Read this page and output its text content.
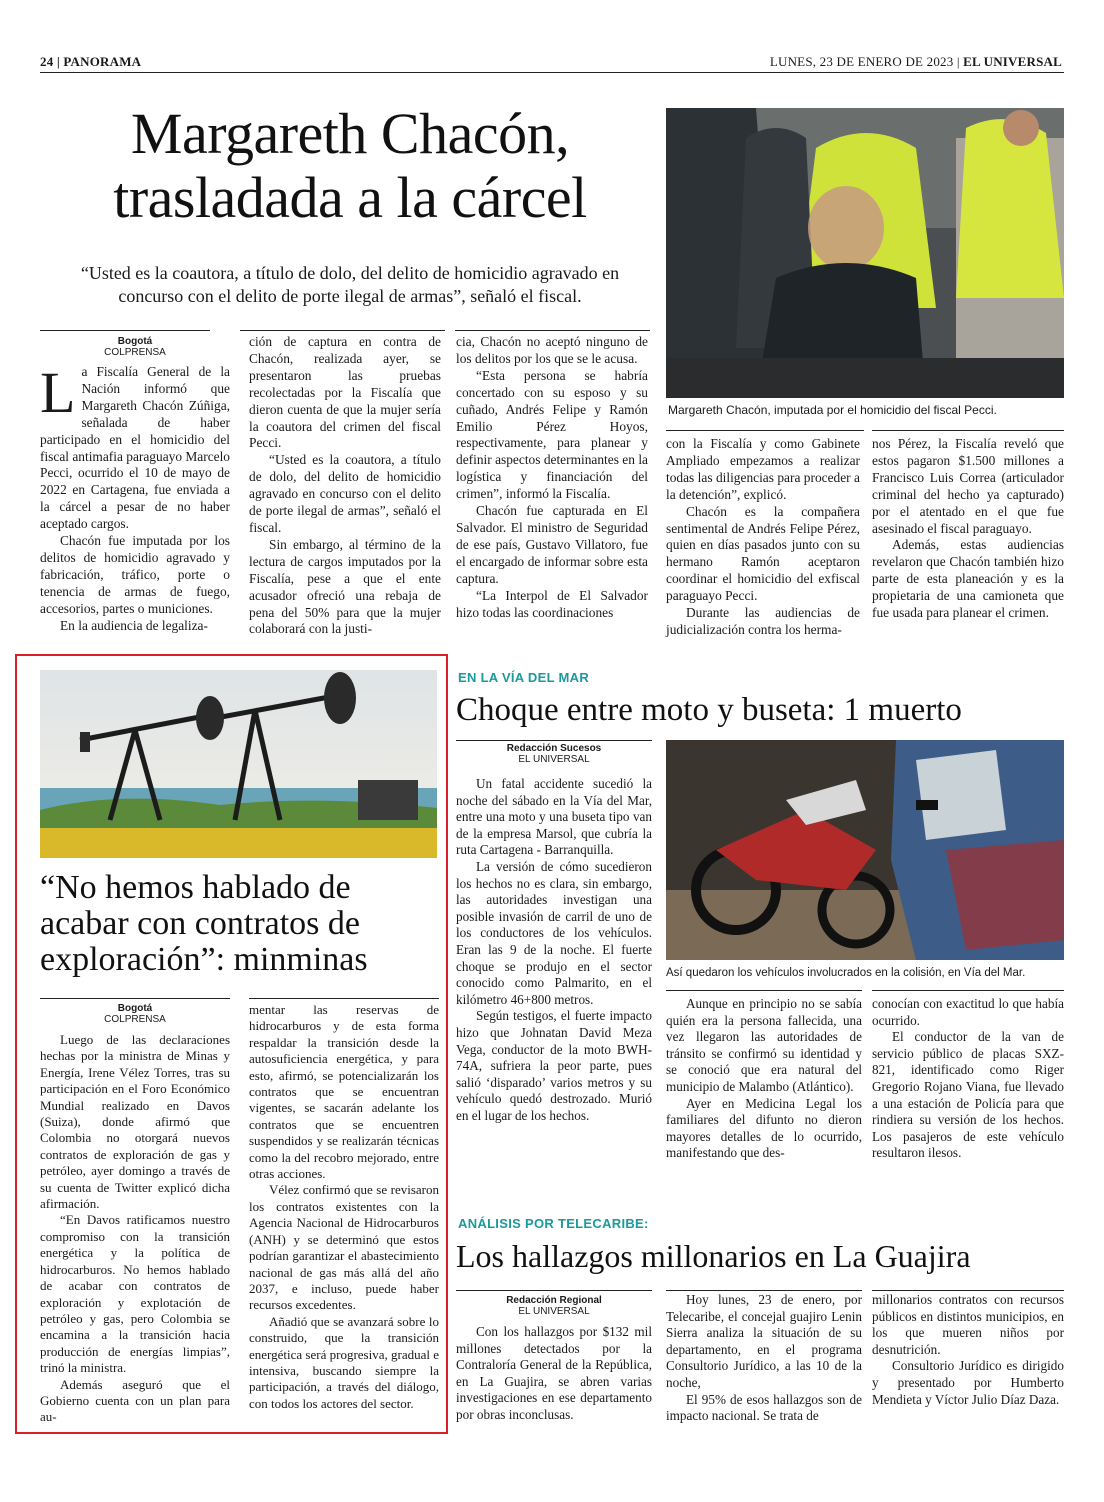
24 | PANORAMA	LUNES, 23 DE ENERO DE 2023 | EL UNIVERSAL
Margareth Chacón,
trasladada a la cárcel
“Usted es la coautora, a título de dolo, del delito de homicidio agravado en concurso con el delito de porte ilegal de armas”, señaló el fiscal.
Margareth Chacón, imputada por el homicidio del fiscal Pecci.
Bogotá
COLPRENSA

La Fiscalía General de la Nación informó que Margareth Chacón Zúñiga, señalada de haber participado en el homicidio del fiscal antimafia paraguayo Marcelo Pecci, ocurrido el 10 de mayo de 2022 en Cartagena, fue enviada a la cárcel a pesar de no haber aceptado cargos.

Chacón fue imputada por los delitos de homicidio agravado y fabricación, tráfico, porte o tenencia de armas de fuego, accesorios, partes o municiones.

En la audiencia de legaliza-

ción de captura en contra de Chacón, realizada ayer, se presentaron las pruebas recolectadas por la Fiscalía que dieron cuenta de que la mujer sería la coautora del crimen del fiscal Pecci.

“Usted es la coautora, a título de dolo, del delito de homicidio agravado en concurso con el delito de porte ilegal de armas”, señaló el fiscal.

Sin embargo, al término de la lectura de cargos imputados por la Fiscalía, pese a que el ente acusador ofreció una rebaja de pena del 50% para que la mujer colaborará con la justi-

cia, Chacón no aceptó ninguno de los delitos por los que se le acusa.

“Esta persona se habría concertado con su esposo y su cuñado, Andrés Felipe y Ramón Emilio Pérez Hoyos, respectivamente, para planear y definir aspectos determinantes en la logística y financiación del crimen”, informó la Fiscalía.

Chacón fue capturada en El Salvador. El ministro de Seguridad de ese país, Gustavo Villatoro, fue el encargado de informar sobre esta captura.

“La Interpol de El Salvador hizo todas las coordinaciones

con la Fiscalía y como Gabinete Ampliado empezamos a realizar todas las diligencias para proceder a la detención”, explicó.

Chacón es la compañera sentimental de Andrés Felipe Pérez, quien en días pasados junto con su hermano Ramón aceptaron coordinar el homicidio del exfiscal paraguayo Pecci.

Durante las audiencias de judicialización contra los herma-

nos Pérez, la Fiscalía reveló que estos pagaron $1.500 millones a Francisco Luis Correa (articulador criminal del hecho ya capturado) por el atentado en el que fue asesinado el fiscal paraguayo.

Además, estas audiencias revelaron que Chacón también hizo parte de esta planeación y es la propietaria de una camioneta que fue usada para planear el crimen.

“No hemos hablado de acabar con contratos de exploración”: minminas
Bogotá
COLPRENSA

Luego de las declaraciones hechas por la ministra de Minas y Energía, Irene Vélez Torres, tras su participación en el Foro Económico Mundial realizado en Davos (Suiza), donde afirmó que Colombia no otorgará nuevos contratos de exploración de gas y petróleo, ayer domingo a través de su cuenta de Twitter explicó dicha afirmación.

“En Davos ratificamos nuestro compromiso con la transición energética y la política de hidrocarburos. No hemos hablado de acabar con contratos de exploración y explotación de petróleo y gas, pero Colombia se encamina a la transición hacia producción de energías limpias”, trinó la ministra.

Además aseguró que el Gobierno cuenta con un plan para au-

mentar las reservas de hidrocarburos y de esta forma respaldar la transición desde la autosuficiencia energética, y para esto, afirmó, se potencializarán los contratos que se encuentran vigentes, se sacarán adelante los contratos que se encuentren suspendidos y se realizarán técnicas como la del recobro mejorado, entre otras acciones.

Vélez confirmó que se revisaron los contratos existentes con la Agencia Nacional de Hidrocarburos (ANH) y se determinó que estos podrían garantizar el abastecimiento nacional de gas más allá del año 2037, e incluso, puede haber recursos excedentes.

Añadió que se avanzará sobre lo construido, que la transición energética será progresiva, gradual e intensiva, buscando siempre la participación, a través del diálogo, con todos los actores del sector.

EN LA VÍA DEL MAR
Choque entre moto y buseta: 1 muerto
Redacción Sucesos
EL UNIVERSAL
Así quedaron los vehículos involucrados en la colisión, en Vía del Mar.

Un fatal accidente sucedió la noche del sábado en la Vía del Mar, entre una moto y una buseta tipo van de la empresa Marsol, que cubría la ruta Cartagena - Barranquilla.

La versión de cómo sucedieron los hechos no es clara, sin embargo, las autoridades investigan una posible invasión de carril de uno de los conductores de los vehículos. Eran las 9 de la noche. El fuerte choque se produjo en el sector conocido como Palmarito, en el kilómetro 46+800 metros.

Según testigos, el fuerte impacto hizo que Johnatan David Meza Vega, conductor de la moto BWH-74A, sufriera la peor parte, pues salió ‘disparado’ varios metros y su vehículo quedó destrozado. Murió en el lugar de los hechos.

Aunque en principio no se sabía quién era la persona fallecida, una vez llegaron las autoridades de tránsito se confirmó su identidad y se conoció que era natural del municipio de Malambo (Atlántico).

Ayer en Medicina Legal los familiares del difunto no dieron mayores detalles de lo ocurrido, manifestando que des-

conocían con exactitud lo que había ocurrido.

El conductor de la van de servicio público de placas SXZ-821, identificado como Riger Gregorio Rojano Viana, fue llevado a una estación de Policía para que rindiera su versión de los hechos. Los pasajeros de este vehículo resultaron ilesos.

ANÁLISIS POR TELECARIBE:
Los hallazgos millonarios en La Guajira
Redacción Regional
EL UNIVERSAL

Con los hallazgos por $132 mil millones detectados por la Contraloría General de la República, en La Guajira, se abren varias investigaciones en ese departamento por obras inconclusas.

Hoy lunes, 23 de enero, por Telecaribe, el concejal guajiro Lenin Sierra analiza la situación de su departamento, en el programa Consultorio Jurídico, a las 10 de la noche,

El 95% de esos hallazgos son de impacto nacional. Se trata de

millonarios contratos con recursos públicos en distintos municipios, en los que mueren niños por desnutrición.

Consultorio Jurídico es dirigido y presentado por Humberto Mendieta y Víctor Julio Díaz Daza.
